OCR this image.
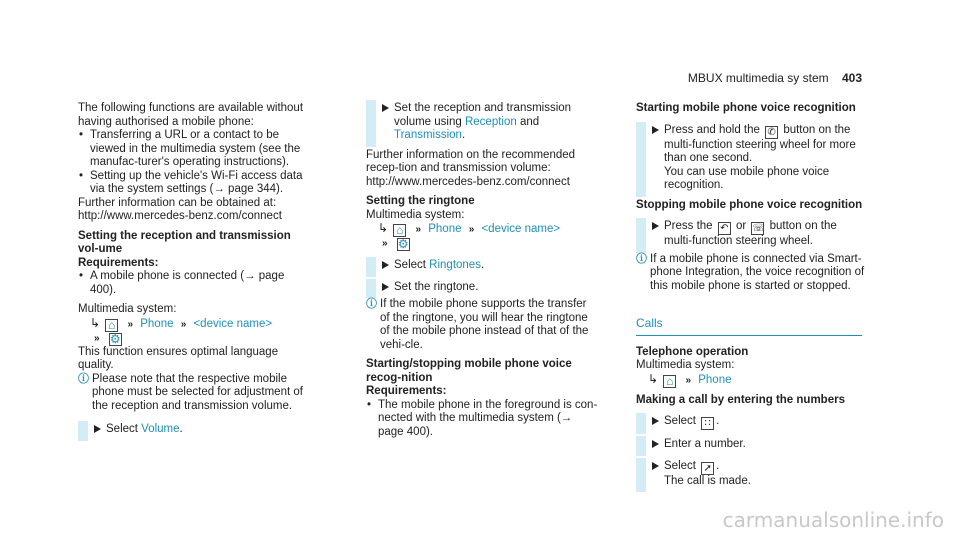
MBUX multimedia sy stem 403

The following functions are available without having authorised a mobile phone:

• Transferring a URL or a contact to be viewed in the multimedia system (see the manufac-turer's operating instructions).

• Setting up the vehicle's Wi-Fi access data via the system settings (→ page 344).

Further information can be obtained at: http://www.mercedes-benz.com/connect

Setting the reception and transmission vol-ume

Requirements:

• A mobile phone is connected (→ page 400).

Multimedia system:

↳ ⌂ » Phone » <device name>

» ⚙

This function ensures optimal language quality.

ⓘ Please note that the respective mobile phone must be selected for adjustment of the reception and transmission volume.

Select Volume.
Set the reception and transmission volume using Reception and Transmission.

Further information on the recommended recep-tion and transmission volume: http://www.mercedes-benz.com/connect

Setting the ringtone

Multimedia system:

↳ ⌂ » Phone » <device name>

» ⚙

Select Ringtones.
Set the ringtone.

ⓘ If the mobile phone supports the transfer of the ringtone, you will hear the ringtone of the mobile phone instead of that of the vehi-cle.

Starting/stopping mobile phone voice recog-nition

Requirements:

• The mobile phone in the foreground is con-nected with the multimedia system (→ page 400).

Starting mobile phone voice recognition

Press and hold the ✆ button on the multi-function steering wheel for more than one second.
You can use mobile phone voice recognition.

Stopping mobile phone voice recognition

Press the ↶ or ☏ button on the multi-function steering wheel.

ⓘ If a mobile phone is connected via Smart-phone Integration, the voice recognition of this mobile phone is started or stopped.

Calls

Telephone operation

Multimedia system:

↳ ⌂ » Phone

Making a call by entering the numbers

Select ∷ .
Enter a number.
Select ➚ .
The call is made.
carmanualsonline.info
